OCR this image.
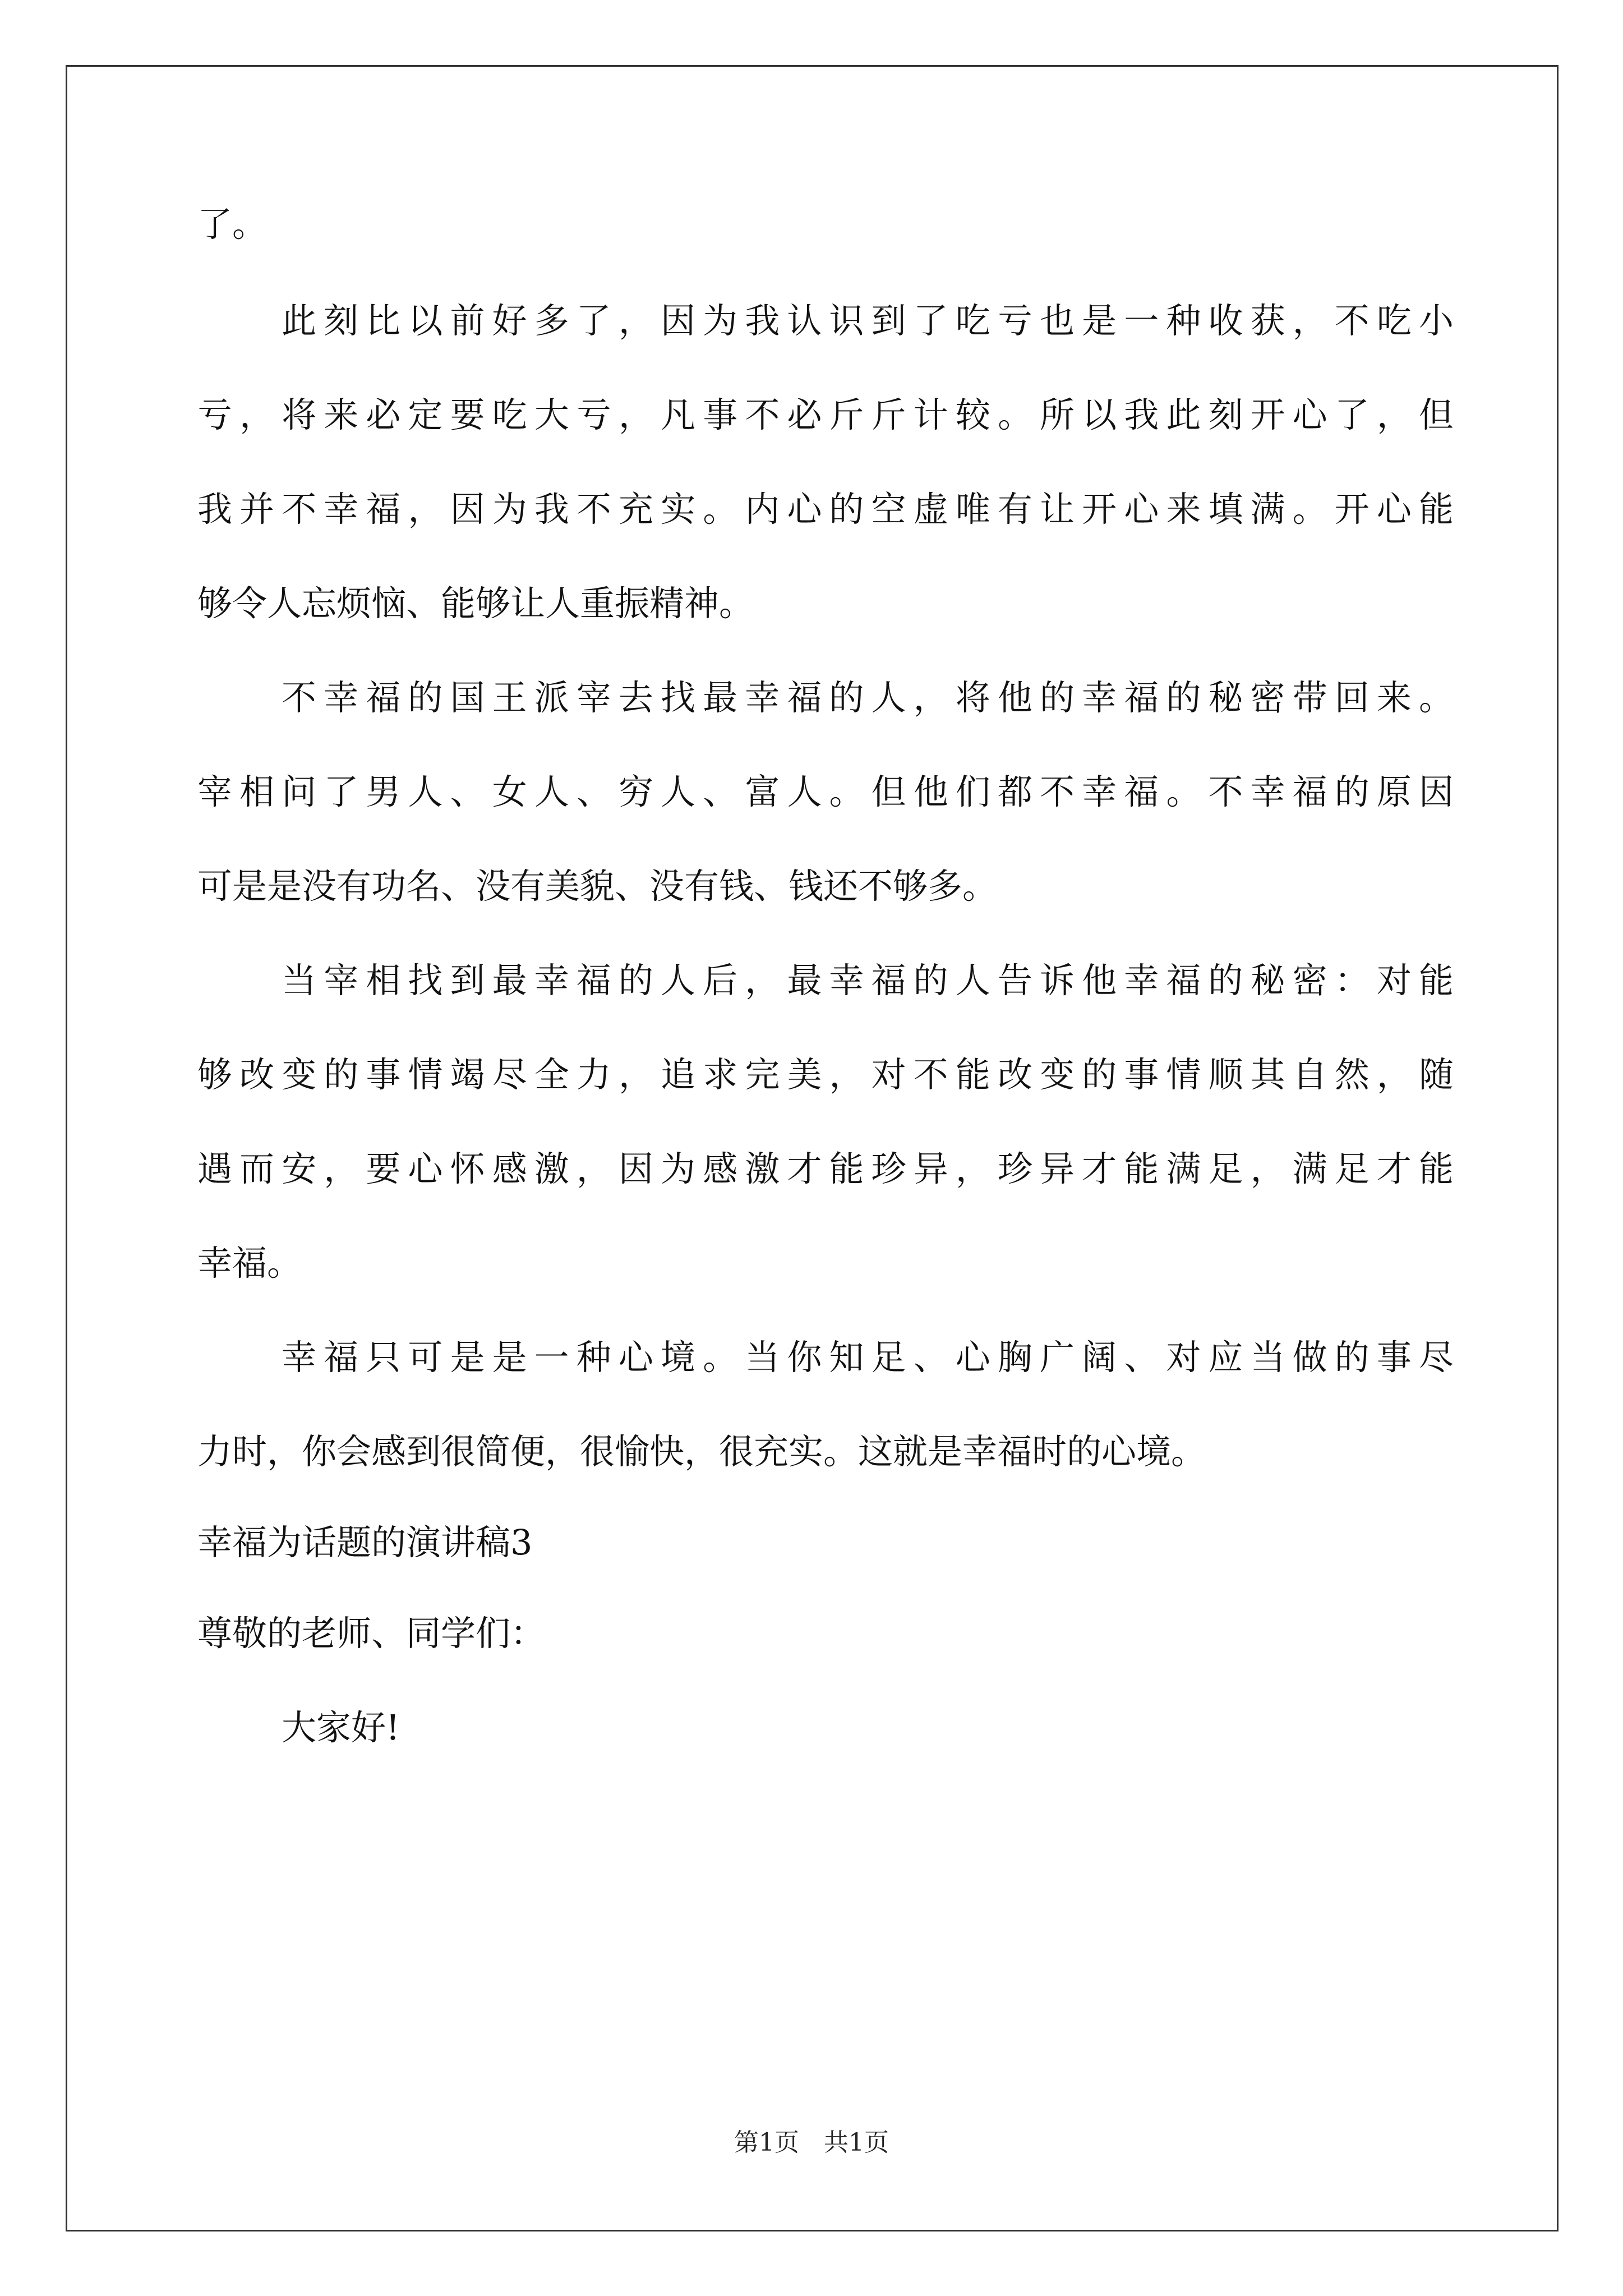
了。
此刻比以前好多了，因为我认识到了吃亏也是一种收获，不吃小
亏，将来必定要吃大亏，凡事不必斤斤计较。所以我此刻开心了，但
我并不幸福，因为我不充实。内心的空虚唯有让开心来填满。开心能
够令人忘烦恼、能够让人重振精神。
不幸福的国王派宰去找最幸福的人，将他的幸福的秘密带回来。
宰相问了男人、女人、穷人、富人。但他们都不幸福。不幸福的原因
可是是没有功名、没有美貌、没有钱、钱还不够多。
当宰相找到最幸福的人后，最幸福的人告诉他幸福的秘密：对能
够改变的事情竭尽全力，追求完美，对不能改变的事情顺其自然，随
遇而安，要心怀感激，因为感激才能珍异，珍异才能满足，满足才能
幸福。
幸福只可是是一种心境。当你知足、心胸广阔、对应当做的事尽
力时，你会感到很简便，很愉快，很充实。这就是幸福时的心境。
幸福为话题的演讲稿3
尊敬的老师、同学们：
大家好!
第1页　共1页
